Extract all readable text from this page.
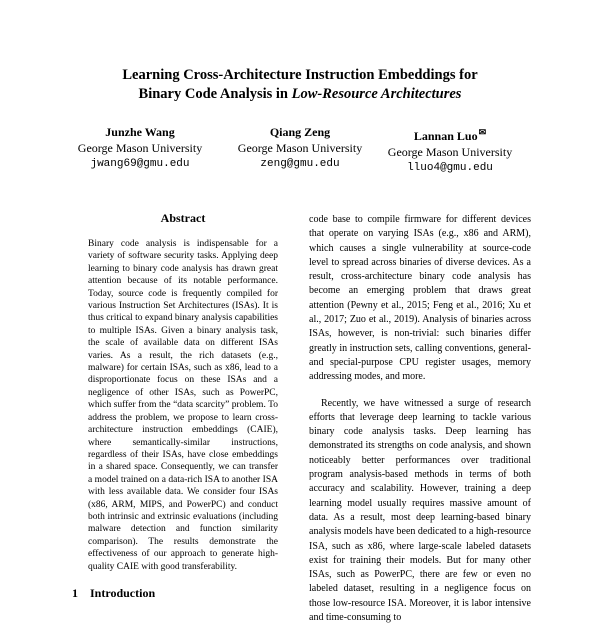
Learning Cross-Architecture Instruction Embeddings for
Binary Code Analysis in Low-Resource Architectures
Junzhe Wang
George Mason University
jwang69@gmu.edu
Qiang Zeng
George Mason University
zeng@gmu.edu
Lannan Luo✉
George Mason University
lluo4@gmu.edu
Abstract

Binary code analysis is indispensable for a variety of software security tasks. Applying deep learning to binary code analysis has drawn great attention because of its notable performance. Today, source code is frequently compiled for various Instruction Set Architectures (ISAs). It is thus critical to expand binary analysis capabilities to multiple ISAs. Given a binary analysis task, the scale of available data on different ISAs varies. As a result, the rich datasets (e.g., malware) for certain ISAs, such as x86, lead to a disproportionate focus on these ISAs and a negligence of other ISAs, such as PowerPC, which suffer from the “data scarcity” problem. To address the problem, we propose to learn cross-architecture instruction embeddings (CAIE), where semantically-similar instructions, regardless of their ISAs, have close embeddings in a shared space. Consequently, we can transfer a model trained on a data-rich ISA to another ISA with less available data. We consider four ISAs (x86, ARM, MIPS, and PowerPC) and conduct both intrinsic and extrinsic evaluations (including malware detection and function similarity comparison). The results demonstrate the effectiveness of our approach to generate high-quality CAIE with good transferability.

code base to compile firmware for different devices that operate on varying ISAs (e.g., x86 and ARM), which causes a single vulnerability at source-code level to spread across binaries of diverse devices. As a result, cross-architecture binary code analysis has become an emerging problem that draws great attention (Pewny et al., 2015; Feng et al., 2016; Xu et al., 2017; Zuo et al., 2019). Analysis of binaries across ISAs, however, is non-trivial: such binaries differ greatly in instruction sets, calling conventions, general- and special-purpose CPU register usages, memory addressing modes, and more.

Recently, we have witnessed a surge of research efforts that leverage deep learning to tackle various binary code analysis tasks. Deep learning has demonstrated its strengths on code analysis, and shown noticeably better performances over traditional program analysis-based methods in terms of both accuracy and scalability. However, training a deep learning model usually requires massive amount of data. As a result, most deep learning-based binary analysis models have been dedicated to a high-resource ISA, such as x86, where large-scale labeled datasets exist for training their models. But for many other ISAs, such as PowerPC, there are few or even no labeled dataset, resulting in a negligence focus on those low-resource ISA. Moreover, it is labor intensive and time-consuming to

1 Introduction
